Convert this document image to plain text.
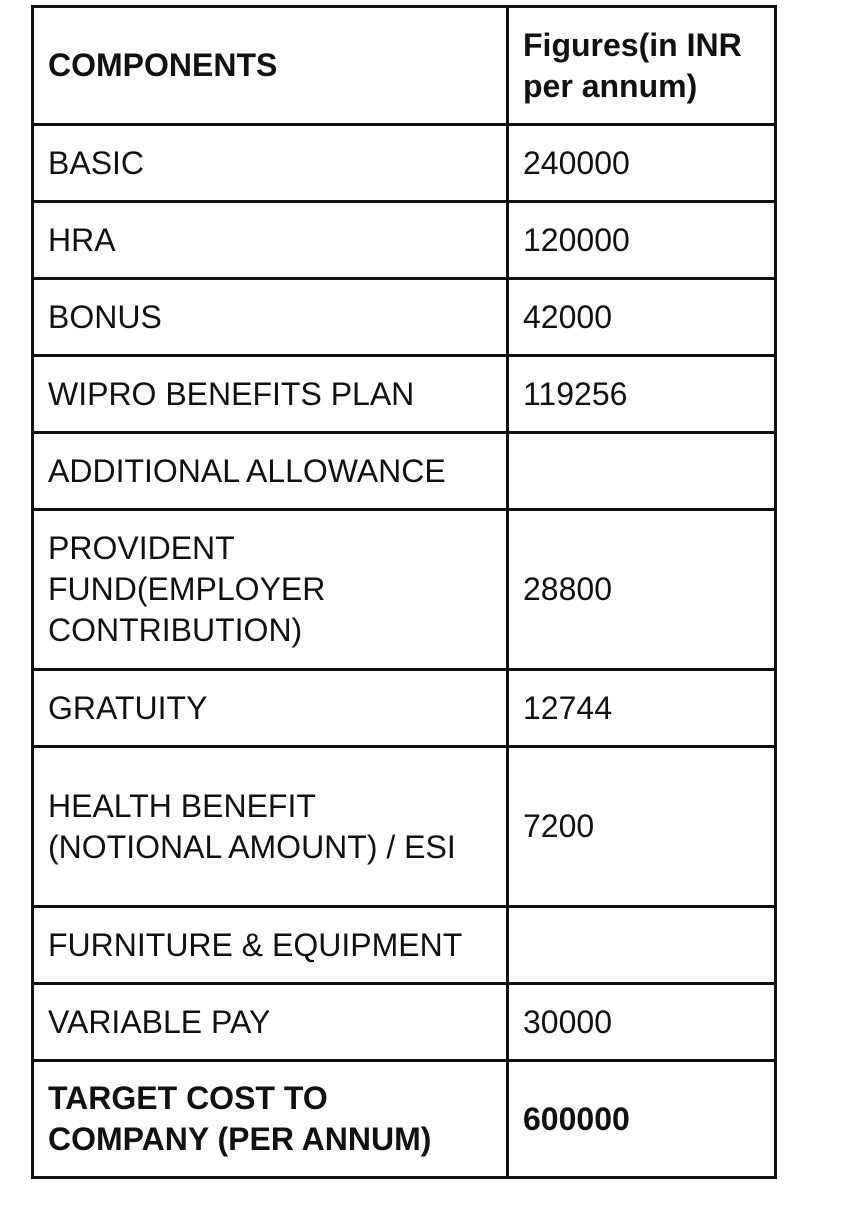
COMPONENTS	Figures(in INR per annum)
BASIC	240000
HRA	120000
BONUS	42000
WIPRO BENEFITS PLAN	119256
ADDITIONAL ALLOWANCE	
PROVIDENT FUND(EMPLOYER CONTRIBUTION)	28800
GRATUITY	12744
HEALTH BENEFIT (NOTIONAL AMOUNT) / ESI	7200
FURNITURE & EQUIPMENT	
VARIABLE PAY	30000
TARGET COST TO COMPANY (PER ANNUM)	600000
